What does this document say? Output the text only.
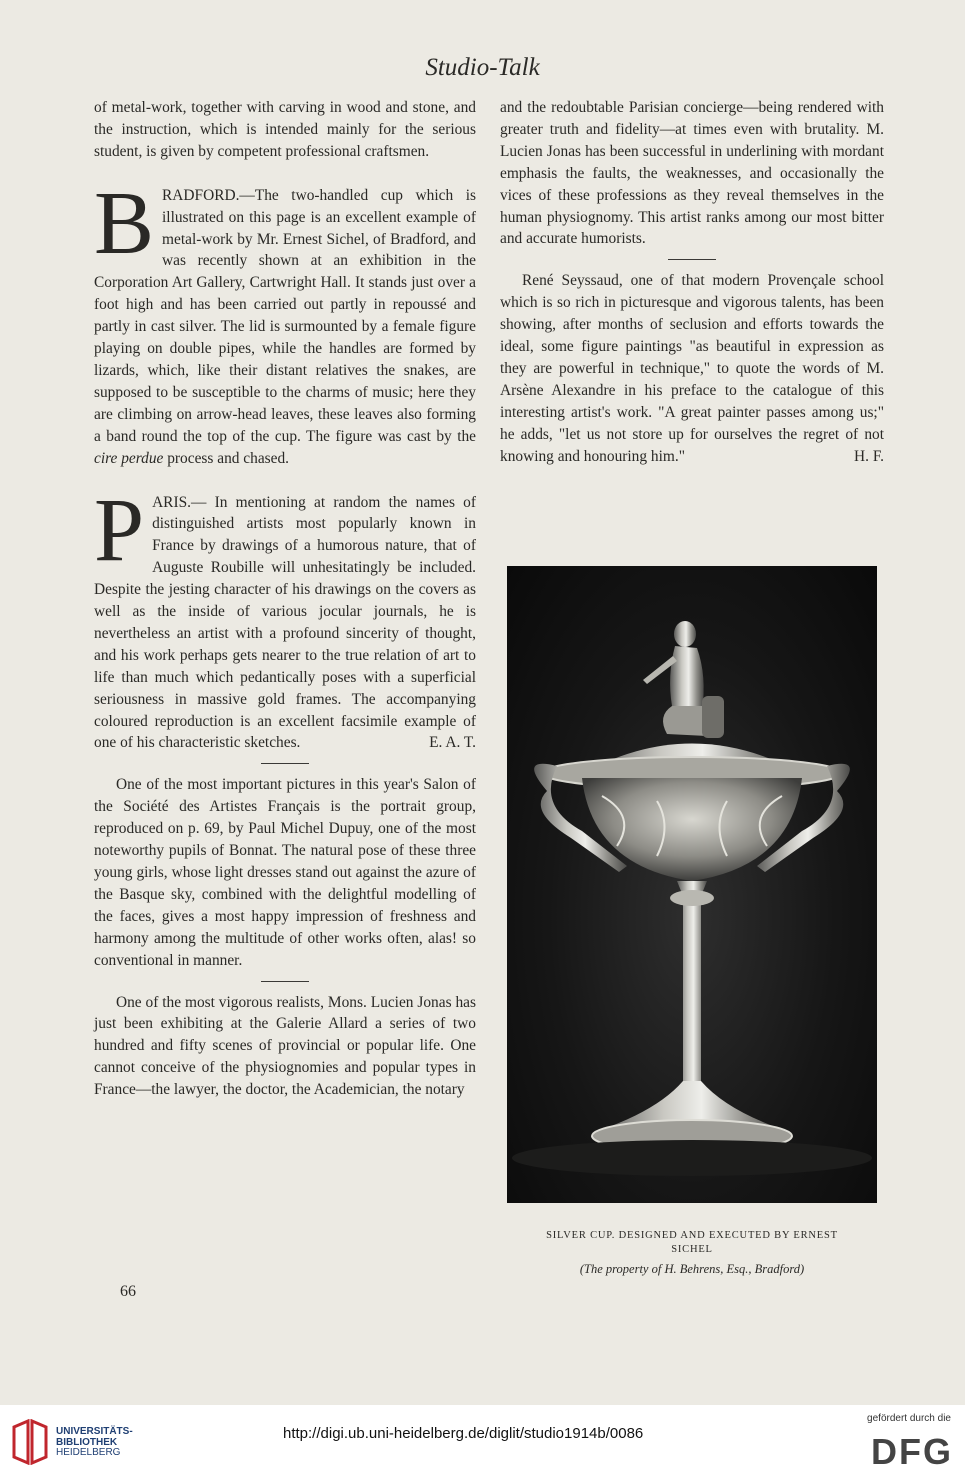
Studio-Talk

of metal-work, together with carving in wood and stone, and the instruction, which is intended mainly for the serious student, is given by competent professional craftsmen.

BRADFORD.—The two-handled cup which is illustrated on this page is an excellent example of metal-work by Mr. Ernest Sichel, of Bradford, and was recently shown at an exhibition in the Corporation Art Gallery, Cartwright Hall. It stands just over a foot high and has been carried out partly in repoussé and partly in cast silver. The lid is surmounted by a female figure playing on double pipes, while the handles are formed by lizards, which, like their distant relatives the snakes, are supposed to be susceptible to the charms of music; here they are climbing on arrow-head leaves, these leaves also forming a band round the top of the cup. The figure was cast by the cire perdue process and chased.

PARIS.— In mentioning at random the names of distinguished artists most popularly known in France by drawings of a humorous nature, that of Auguste Roubille will unhesitatingly be included. Despite the jesting character of his drawings on the covers as well as the inside of various jocular journals, he is nevertheless an artist with a profound sincerity of thought, and his work perhaps gets nearer to the true relation of art to life than much which pedantically poses with a superficial seriousness in massive gold frames. The accompanying coloured reproduction is an excellent facsimile example of one of his characteristic sketches.	E. A. T.

One of the most important pictures in this year's Salon of the Société des Artistes Français is the portrait group, reproduced on p. 69, by Paul Michel Dupuy, one of the most noteworthy pupils of Bonnat. The natural pose of these three young girls, whose light dresses stand out against the azure of the Basque sky, combined with the delightful modelling of the faces, gives a most happy impression of freshness and harmony among the multitude of other works often, alas! so conventional in manner.

One of the most vigorous realists, Mons. Lucien Jonas has just been exhibiting at the Galerie Allard a series of two hundred and fifty scenes of provincial or popular life. One cannot conceive of the physiognomies and popular types in France—the lawyer, the doctor, the Academician, the notary

and the redoubtable Parisian concierge—being rendered with greater truth and fidelity—at times even with brutality. M. Lucien Jonas has been successful in underlining with mordant emphasis the faults, the weaknesses, and occasionally the vices of these professions as they reveal themselves in the human physiognomy. This artist ranks among our most bitter and accurate humorists.

René Seyssaud, one of that modern Provençale school which is so rich in picturesque and vigorous talents, has been showing, after months of seclusion and efforts towards the ideal, some figure paintings "as beautiful in expression as they are powerful in technique," to quote the words of M. Arsène Alexandre in his preface to the catalogue of this interesting artist's work. "A great painter passes among us;" he adds, "let us not store up for ourselves the regret of not knowing and honouring him."	H. F.

SILVER CUP. DESIGNED AND EXECUTED BY ERNEST
SICHEL
(The property of H. Behrens, Esq., Bradford)
66
UNIVERSITÄTS-
BIBLIOTHEK
HEIDELBERG
http://digi.ub.uni-heidelberg.de/diglit/studio1914b/0086
gefördert durch die
DFG
